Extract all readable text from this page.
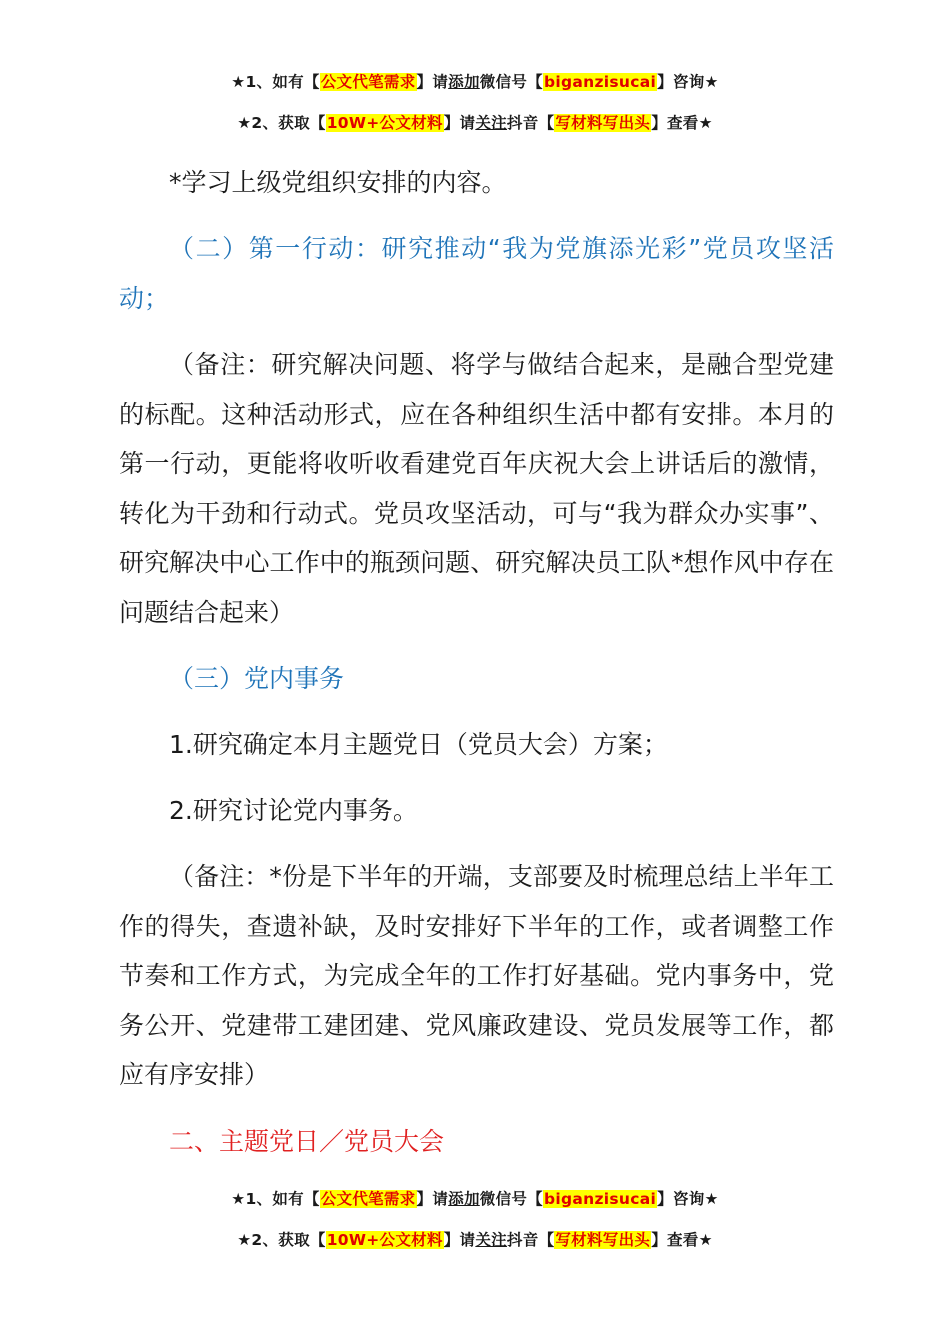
★1、如有【公文代笔需求】请添加微信号【biganzisucai】咨询★
★2、获取【10W+公文材料】请关注抖音【写材料写出头】查看★

*学习上级党组织安排的内容。

（二）第一行动：研究推动“我为党旗添光彩”党员攻坚活动；

（备注：研究解决问题、将学与做结合起来，是融合型党建的标配。这种活动形式，应在各种组织生活中都有安排。本月的第一行动，更能将收听收看建党百年庆祝大会上讲话后的激情，转化为干劲和行动式。党员攻坚活动，可与“我为群众办实事”、研究解决中心工作中的瓶颈问题、研究解决员工队*想作风中存在问题结合起来）

（三）党内事务

1.研究确定本月主题党日（党员大会）方案；

2.研究讨论党内事务。

（备注：*份是下半年的开端，支部要及时梳理总结上半年工作的得失，查遗补缺，及时安排好下半年的工作，或者调整工作节奏和工作方式，为完成全年的工作打好基础。党内事务中，党务公开、党建带工建团建、党风廉政建设、党员发展等工作，都应有序安排）

二、主题党日／党员大会

★1、如有【公文代笔需求】请添加微信号【biganzisucai】咨询★
★2、获取【10W+公文材料】请关注抖音【写材料写出头】查看★
